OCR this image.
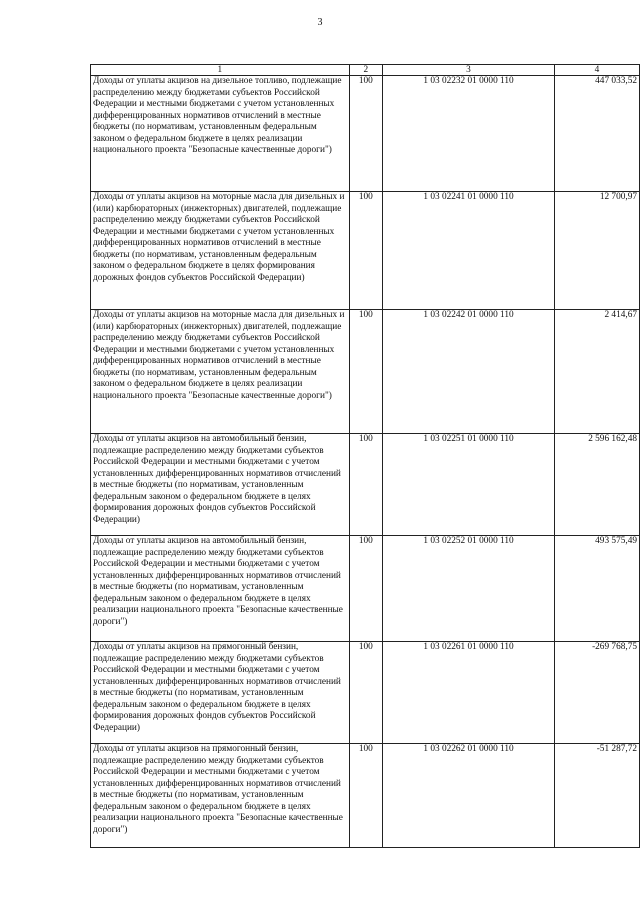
3
1	2	3	4
Доходы от уплаты акцизов на дизельное топливо, подлежащие распределению между бюджетами субъектов Российской Федерации и местными бюджетами с учетом установленных дифференцированных нормативов отчислений в местные бюджеты (по нормативам, установленным федеральным законом о федеральном бюджете в целях реализации национального проекта "Безопасные качественные дороги")	100	1 03 02232 01 0000 110	447 033,52
Доходы от уплаты акцизов на моторные масла для дизельных и (или) карбюраторных (инжекторных) двигателей, подлежащие распределению между бюджетами субъектов Российской Федерации и местными бюджетами с учетом установленных дифференцированных нормативов отчислений в местные бюджеты (по нормативам, установленным федеральным законом о федеральном бюджете в целях формирования дорожных фондов субъектов Российской Федерации)	100	1 03 02241 01 0000 110	12 700,97
Доходы от уплаты акцизов на моторные масла для дизельных и (или) карбюраторных (инжекторных) двигателей, подлежащие распределению между бюджетами субъектов Российской Федерации и местными бюджетами с учетом установленных дифференцированных нормативов отчислений в местные бюджеты (по нормативам, установленным федеральным законом о федеральном бюджете в целях реализации национального проекта "Безопасные качественные дороги")	100	1 03 02242 01 0000 110	2 414,67
Доходы от уплаты акцизов на автомобильный бензин, подлежащие распределению между бюджетами субъектов Российской Федерации и местными бюджетами с учетом установленных дифференцированных нормативов отчислений в местные бюджеты (по нормативам, установленным федеральным законом о федеральном бюджете в целях формирования дорожных фондов субъектов Российской Федерации)	100	1 03 02251 01 0000 110	2 596 162,48
Доходы от уплаты акцизов на автомобильный бензин, подлежащие распределению между бюджетами субъектов Российской Федерации и местными бюджетами с учетом установленных дифференцированных нормативов отчислений в местные бюджеты (по нормативам, установленным федеральным законом о федеральном бюджете в целях реализации национального проекта "Безопасные качественные дороги")	100	1 03 02252 01 0000 110	493 575,49
Доходы от уплаты акцизов на прямогонный бензин, подлежащие распределению между бюджетами субъектов Российской Федерации и местными бюджетами с учетом установленных дифференцированных нормативов отчислений в местные бюджеты (по нормативам, установленным федеральным законом о федеральном бюджете в целях формирования дорожных фондов субъектов Российской Федерации)	100	1 03 02261 01 0000 110	-269 768,75
Доходы от уплаты акцизов на прямогонный бензин, подлежащие распределению между бюджетами субъектов Российской Федерации и местными бюджетами с учетом установленных дифференцированных нормативов отчислений в местные бюджеты (по нормативам, установленным федеральным законом о федеральном бюджете в целях реализации национального проекта "Безопасные качественные дороги")	100	1 03 02262 01 0000 110	-51 287,72
